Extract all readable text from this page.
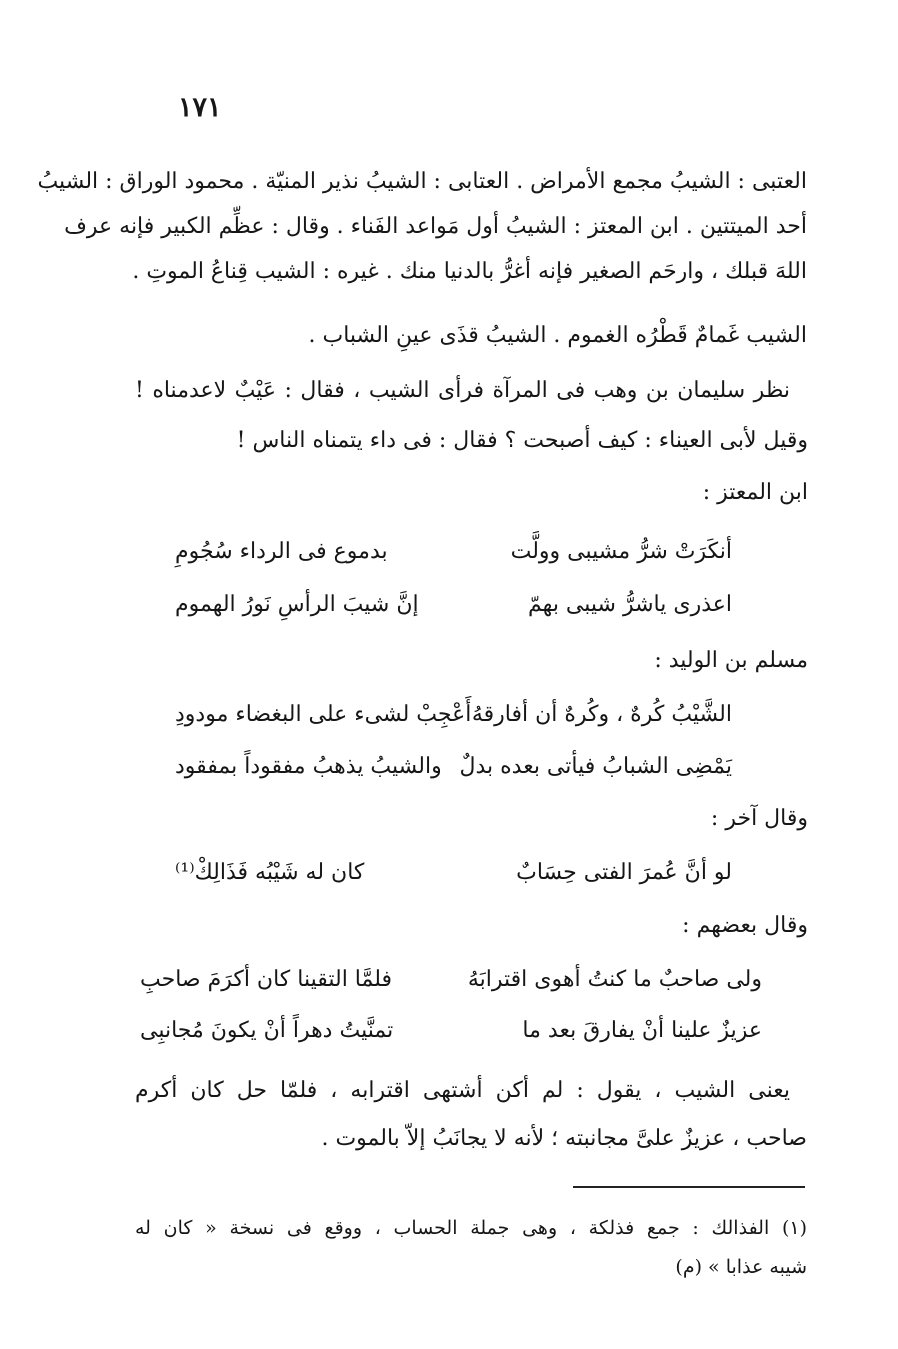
١٧١
العتبى : الشيبُ مجمع الأمراض . العتابى : الشيبُ نذير المنيّة . محمود الوراق : الشيبُ
أحد الميتتين . ابن المعتز : الشيبُ أول مَواعد الفَناء . وقال : عظِّم الكبير فإنه عرف
اللهَ قبلك ، وارحَم الصغير فإنه أغرُّ بالدنيا منك . غيره : الشيب قِناعُ الموتِ .
الشيب غَمامٌ قَطْرُه الغموم . الشيبُ قذَى عينِ الشباب .
نظر سليمان بن وهب فى المرآة فرأى الشيب ، فقال : عَيْبٌ لاعدمناه !
وقيل لأبى العيناء : كيف أصبحت ؟ فقال : فى داء يتمناه الناس !
ابن المعتز :
أنكَرَتْ شرُّ مشيبى وولَّت
بدموع فى الرداء سُجُومِ
اعذرى ياشرُّ شيبى بهمّ
إنَّ شيبَ الرأسِ نَورُ الهموم
مسلم بن الوليد :
الشَّيْبُ كُرهٌ ، وكُرهٌ أن أفارقهُ
أَعْجِبْ لشىء على البغضاء مودودِ
يَمْضِى الشبابُ فيأتى بعده بدلٌ
والشيبُ يذهبُ مفقوداً بمفقود
وقال آخر :
لو أنَّ عُمرَ الفتى حِسَابٌ
كان له شَيْبُه فَذَالِكْ⁽¹⁾
وقال بعضهم :
ولى صاحبٌ ما كنتُ أهوى اقترابَهُ
فلمَّا التقينا كان أكرَمَ صاحبِ
عزيزٌ علينا أنْ يفارقَ بعد ما
تمنَّيتُ دهراً أنْ يكونَ مُجانبِى
يعنى الشيب ، يقول : لم أكن أشتهى اقترابه ، فلمّا حل كان أكرم
صاحب ، عزيزٌ علىَّ مجانبته ؛ لأنه لا يجانَبُ إلاّ بالموت .
(١) الفذالك : جمع فذلكة ، وهى جملة الحساب ، ووقع فى نسخة « كان له
شيبه عذابا » (م)
